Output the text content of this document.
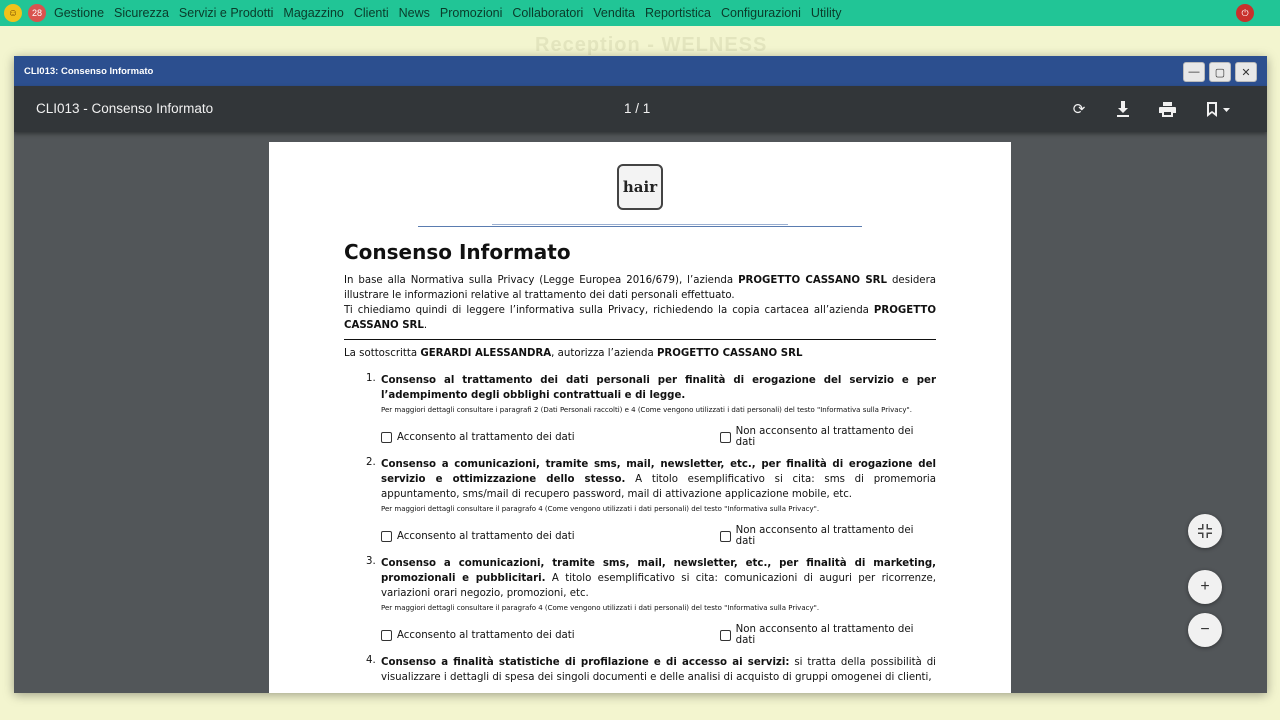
☺	28 Gestione Sicurezza Servizi e Prodotti Magazzino Clienti News Promozioni Collaboratori Vendita Reportistica Configurazioni Utility	⏻
Reception - WELNESS
CLI013: Consenso Informato	—	▢	✕
CLI013 - Consenso Informato	1 / 1	⟳
hair
Consenso Informato

In base alla Normativa sulla Privacy (Legge Europea 2016/679), l’azienda PROGETTO CASSANO SRL desidera illustrare le informazioni relative al trattamento dei dati personali effettuato.
Ti chiediamo quindi di leggere l’informativa sulla Privacy, richiedendo la copia cartacea all’azienda PROGETTO CASSANO SRL.

La sottoscritta GERARDI ALESSANDRA, autorizza l’azienda PROGETTO CASSANO SRL

1. Consenso al trattamento dei dati personali per finalità di erogazione del servizio e per l’adempimento degli obblighi contrattuali e di legge.
Per maggiori dettagli consultare i paragrafi 2 (Dati Personali raccolti) e 4 (Come vengono utilizzati i dati personali) del testo "Informativa sulla Privacy".
Acconsento al trattamento dei dati	Non acconsento al trattamento dei dati
2. Consenso a comunicazioni, tramite sms, mail, newsletter, etc., per finalità di erogazione del servizio e ottimizzazione dello stesso. A titolo esemplificativo si cita: sms di promemoria appuntamento, sms/mail di recupero password, mail di attivazione applicazione mobile, etc.
Per maggiori dettagli consultare il paragrafo 4 (Come vengono utilizzati i dati personali) del testo "Informativa sulla Privacy".
Acconsento al trattamento dei dati	Non acconsento al trattamento dei dati
3. Consenso a comunicazioni, tramite sms, mail, newsletter, etc., per finalità di marketing, promozionali e pubblicitari. A titolo esemplificativo si cita: comunicazioni di auguri per ricorrenze, variazioni orari negozio, promozioni, etc.
Per maggiori dettagli consultare il paragrafo 4 (Come vengono utilizzati i dati personali) del testo "Informativa sulla Privacy".
Acconsento al trattamento dei dati	Non acconsento al trattamento dei dati
4. Consenso a finalità statistiche di profilazione e di accesso ai servizi: si tratta della possibilità di visualizzare i dettagli di spesa dei singoli documenti e delle analisi di acquisto di gruppi omogenei di clienti,
+
−
